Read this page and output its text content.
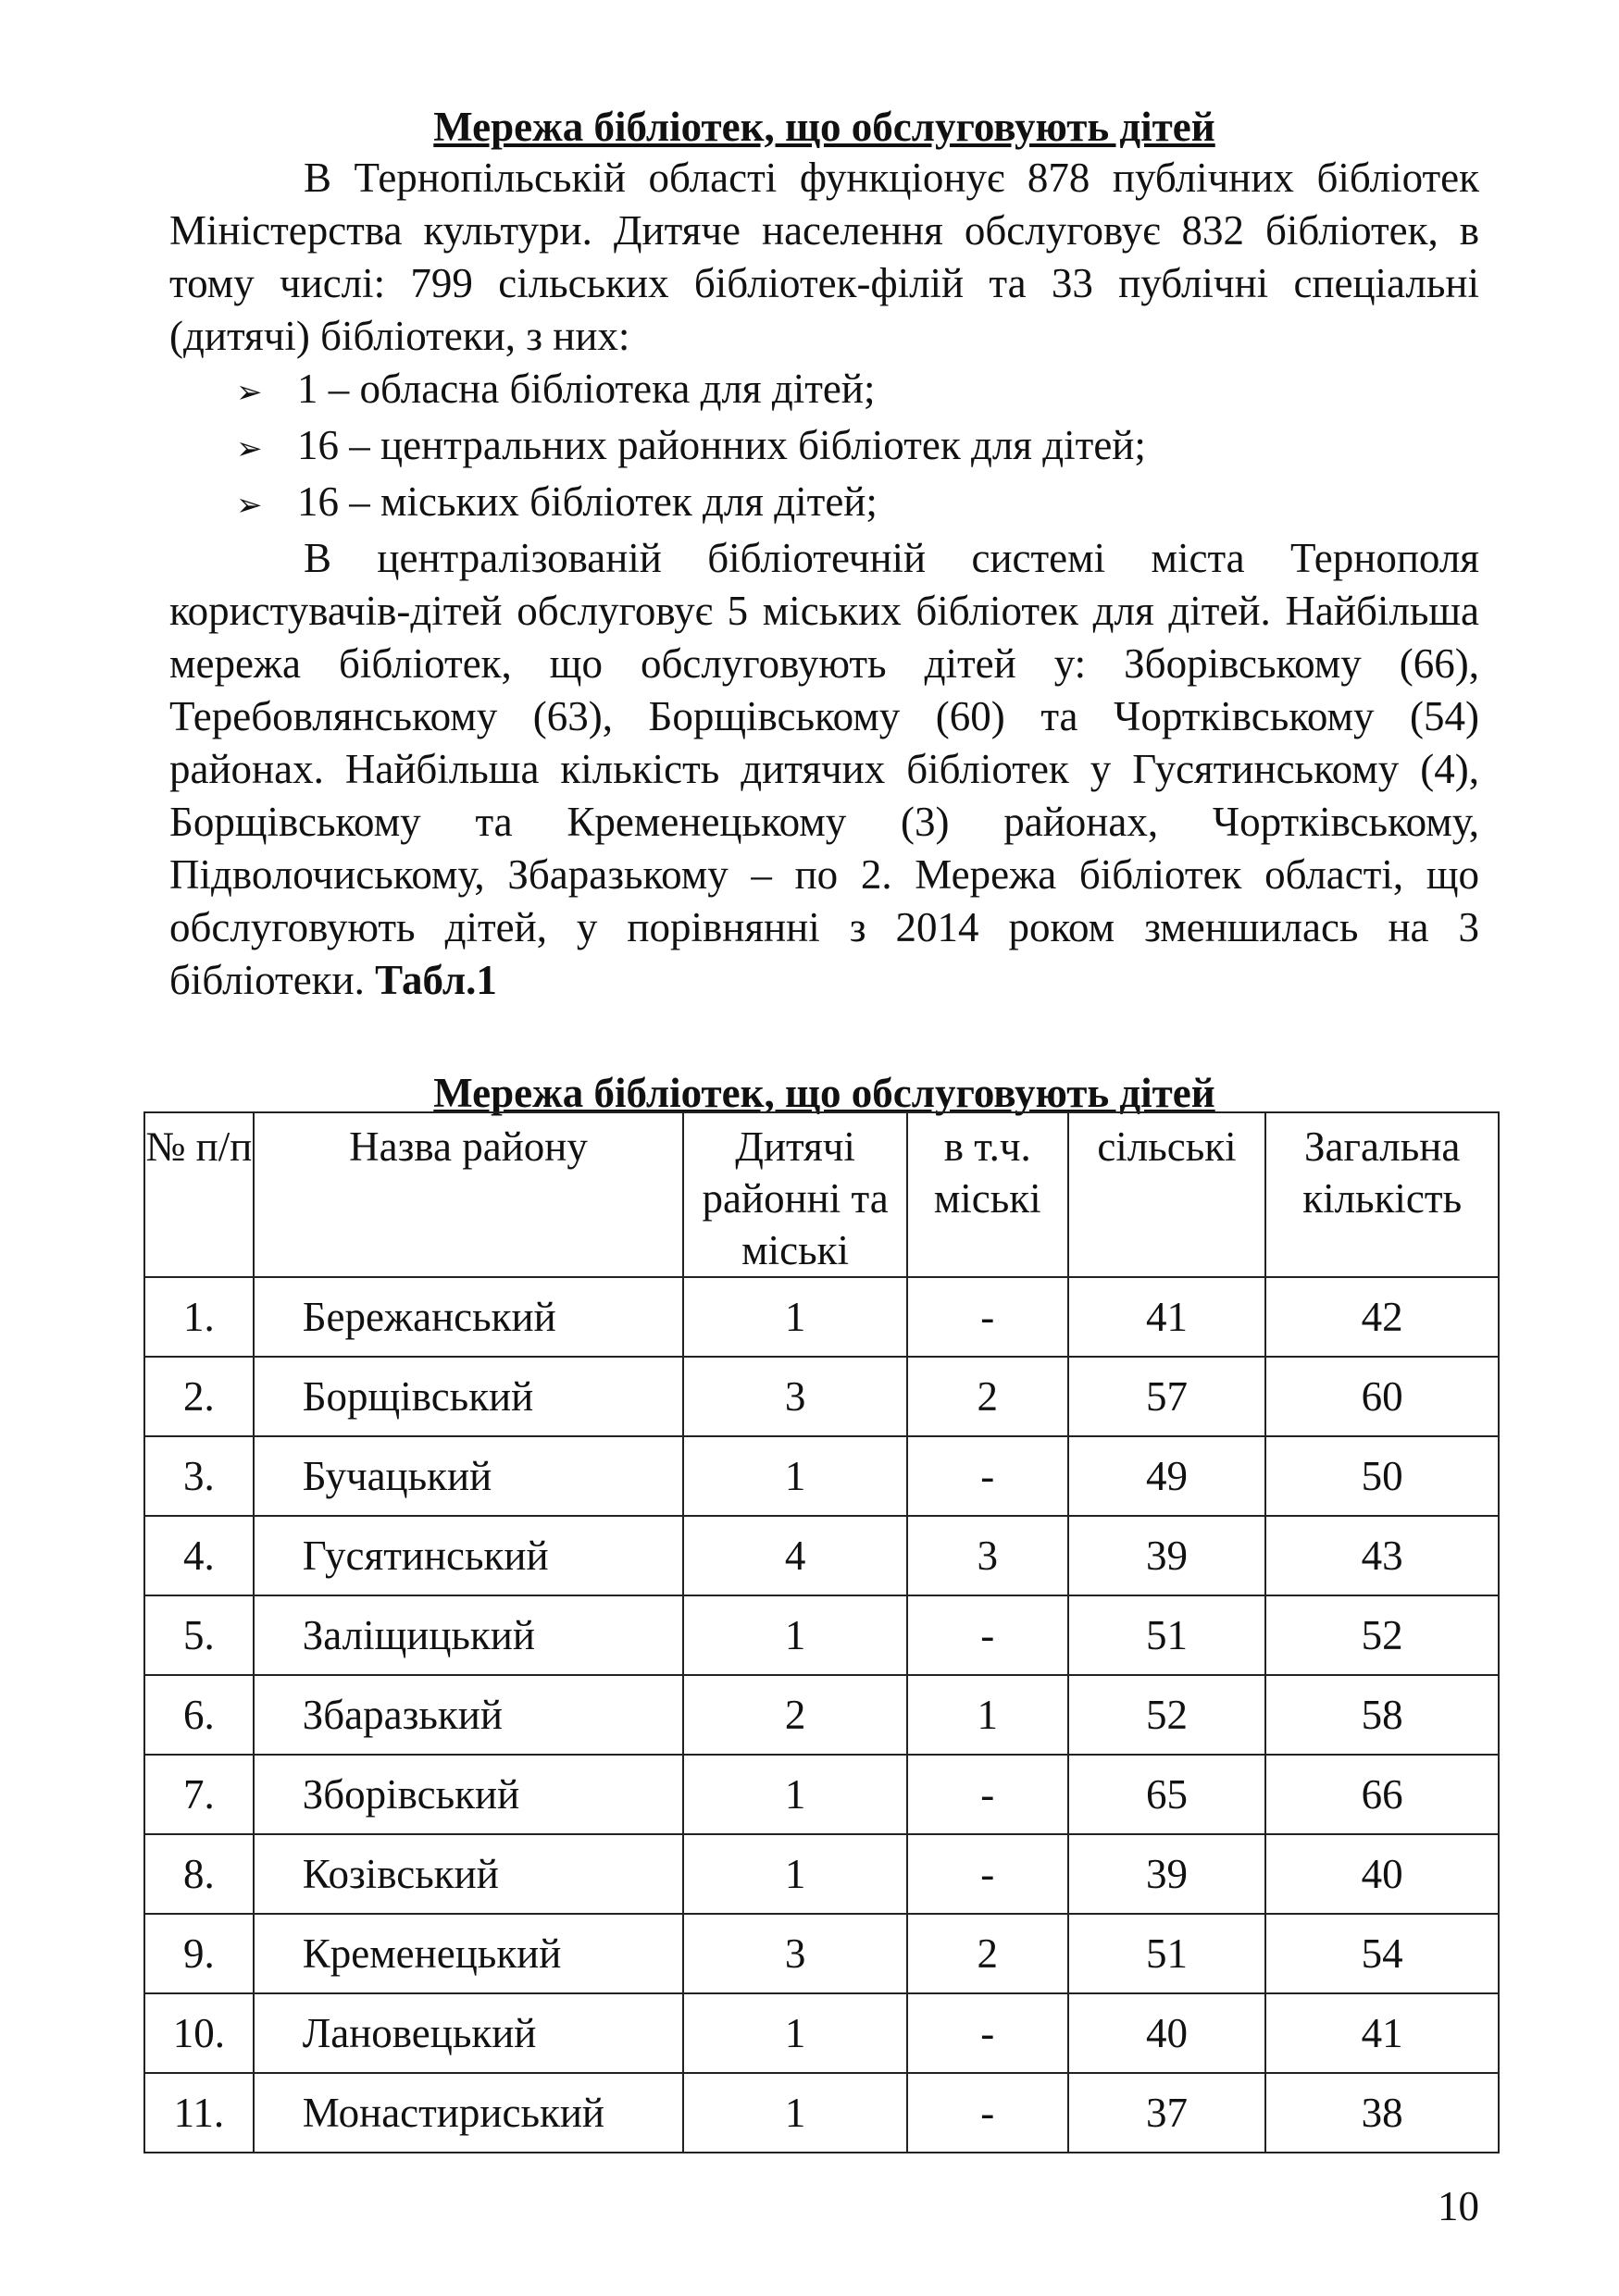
Мережа бібліотек, що обслуговують дітей

В Тернопільській області функціонує 878 публічних бібліотек Міністерства культури. Дитяче населення обслуговує 832 бібліотек, в тому числі: 799 сільських бібліотек-філій та 33 публічні спеціальні (дитячі) бібліотеки, з них:

➢ 1 – обласна бібліотека для дітей;
➢ 16 – центральних районних бібліотек для дітей;
➢ 16 – міських бібліотек для дітей;

В централізованій бібліотечній системі міста Тернополя користувачів-дітей обслуговує 5 міських бібліотек для дітей. Найбільша мережа бібліотек, що обслуговують дітей у: Зборівському (66), Теребовлянському (63), Борщівському (60) та Чортківському (54) районах. Найбільша кількість дитячих бібліотек у Гусятинському (4), Борщівському та Кременецькому (3) районах, Чортківському, Підволочиському, Збаразькому – по 2. Мережа бібліотек області, що обслуговують дітей, у порівнянні з 2014 роком зменшилась на 3 бібліотеки. Табл.1

Мережа бібліотек, що обслуговують дітей
№ п/п	Назва району	Дитячі районні та міські	в т.ч. міські	сільські	Загальна кількість
1.	Бережанський	1	-	41	42
2.	Борщівський	3	2	57	60
3.	Бучацький	1	-	49	50
4.	Гусятинський	4	3	39	43
5.	Заліщицький	1	-	51	52
6.	Збаразький	2	1	52	58
7.	Зборівський	1	-	65	66
8.	Козівський	1	-	39	40
9.	Кременецький	3	2	51	54
10.	Лановецький	1	-	40	41
11.	Монастириський	1	-	37	38
10
